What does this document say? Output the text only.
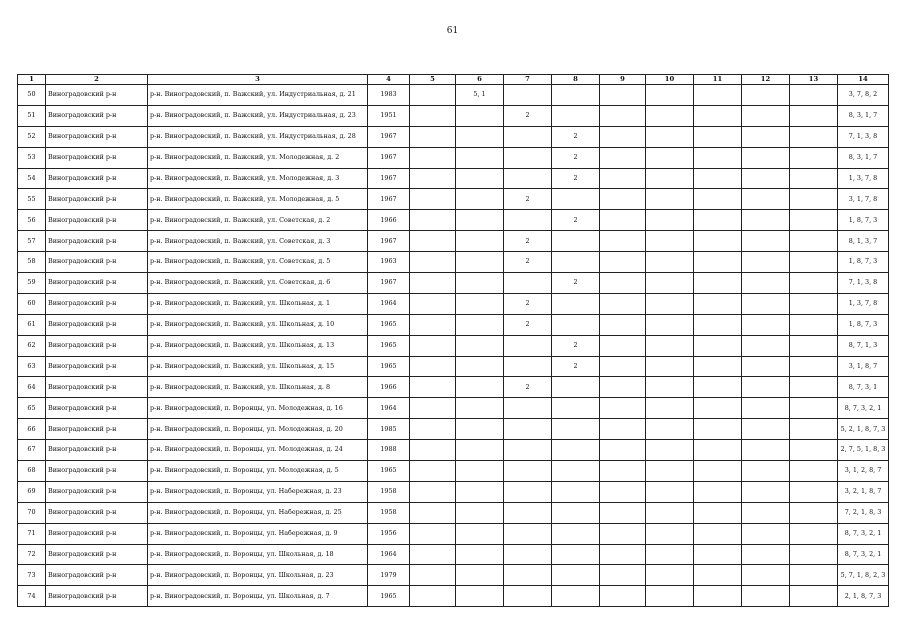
61
1	2	3	4	5	6	7	8	9	10	11	12	13	14
50	Виноградовский р-н	р-н. Виноградовский, п. Важский, ул. Индустриальная, д. 21	1983		5, 1								3, 7, 8, 2
51	Виноградовский р-н	р-н. Виноградовский, п. Важский, ул. Индустриальная, д. 23	1951			2							8, 3, 1, 7
52	Виноградовский р-н	р-н. Виноградовский, п. Важский, ул. Индустриальная, д. 28	1967				2						7, 1, 3, 8
53	Виноградовский р-н	р-н. Виноградовский, п. Важский, ул. Молодежная, д. 2	1967				2						8, 3, 1, 7
54	Виноградовский р-н	р-н. Виноградовский, п. Важский, ул. Молодежная, д. 3	1967				2						1, 3, 7, 8
55	Виноградовский р-н	р-н. Виноградовский, п. Важский, ул. Молодежная, д. 5	1967			2							3, 1, 7, 8
56	Виноградовский р-н	р-н. Виноградовский, п. Важский, ул. Советская, д. 2	1966				2						1, 8, 7, 3
57	Виноградовский р-н	р-н. Виноградовский, п. Важский, ул. Советская, д. 3	1967			2							8, 1, 3, 7
58	Виноградовский р-н	р-н. Виноградовский, п. Важский, ул. Советская, д. 5	1963			2							1, 8, 7, 3
59	Виноградовский р-н	р-н. Виноградовский, п. Важский, ул. Советская, д. 6	1967				2						7, 1, 3, 8
60	Виноградовский р-н	р-н. Виноградовский, п. Важский, ул. Школьная, д. 1	1964			2							1, 3, 7, 8
61	Виноградовский р-н	р-н. Виноградовский, п. Важский, ул. Школьная, д. 10	1965			2							1, 8, 7, 3
62	Виноградовский р-н	р-н. Виноградовский, п. Важский, ул. Школьная, д. 13	1965				2						8, 7, 1, 3
63	Виноградовский р-н	р-н. Виноградовский, п. Важский, ул. Школьная, д. 15	1965				2						3, 1, 8, 7
64	Виноградовский р-н	р-н. Виноградовский, п. Важский, ул. Школьная, д. 8	1966			2							8, 7, 3, 1
65	Виноградовский р-н	р-н. Виноградовский, п. Воронцы, ул. Молодежная, д. 16	1964										8, 7, 3, 2, 1
66	Виноградовский р-н	р-н. Виноградовский, п. Воронцы, ул. Молодежная, д. 20	1985										5, 2, 1, 8, 7, 3
67	Виноградовский р-н	р-н. Виноградовский, п. Воронцы, ул. Молодежная, д. 24	1988										2, 7, 5, 1, 8, 3
68	Виноградовский р-н	р-н. Виноградовский, п. Воронцы, ул. Молодежная, д. 5	1965										3, 1, 2, 8, 7
69	Виноградовский р-н	р-н. Виноградовский, п. Воронцы, ул. Набережная, д. 23	1958										3, 2, 1, 8, 7
70	Виноградовский р-н	р-н. Виноградовский, п. Воронцы, ул. Набережная, д. 25	1958										7, 2, 1, 8, 3
71	Виноградовский р-н	р-н. Виноградовский, п. Воронцы, ул. Набережная, д. 9	1956										8, 7, 3, 2, 1
72	Виноградовский р-н	р-н. Виноградовский, п. Воронцы, ул. Школьная, д. 18	1964										8, 7, 3, 2, 1
73	Виноградовский р-н	р-н. Виноградовский, п. Воронцы, ул. Школьная, д. 23	1979										5, 7, 1, 8, 2, 3
74	Виноградовский р-н	р-н. Виноградовский, п. Воронцы, ул. Школьная, д. 7	1965										2, 1, 8, 7, 3
